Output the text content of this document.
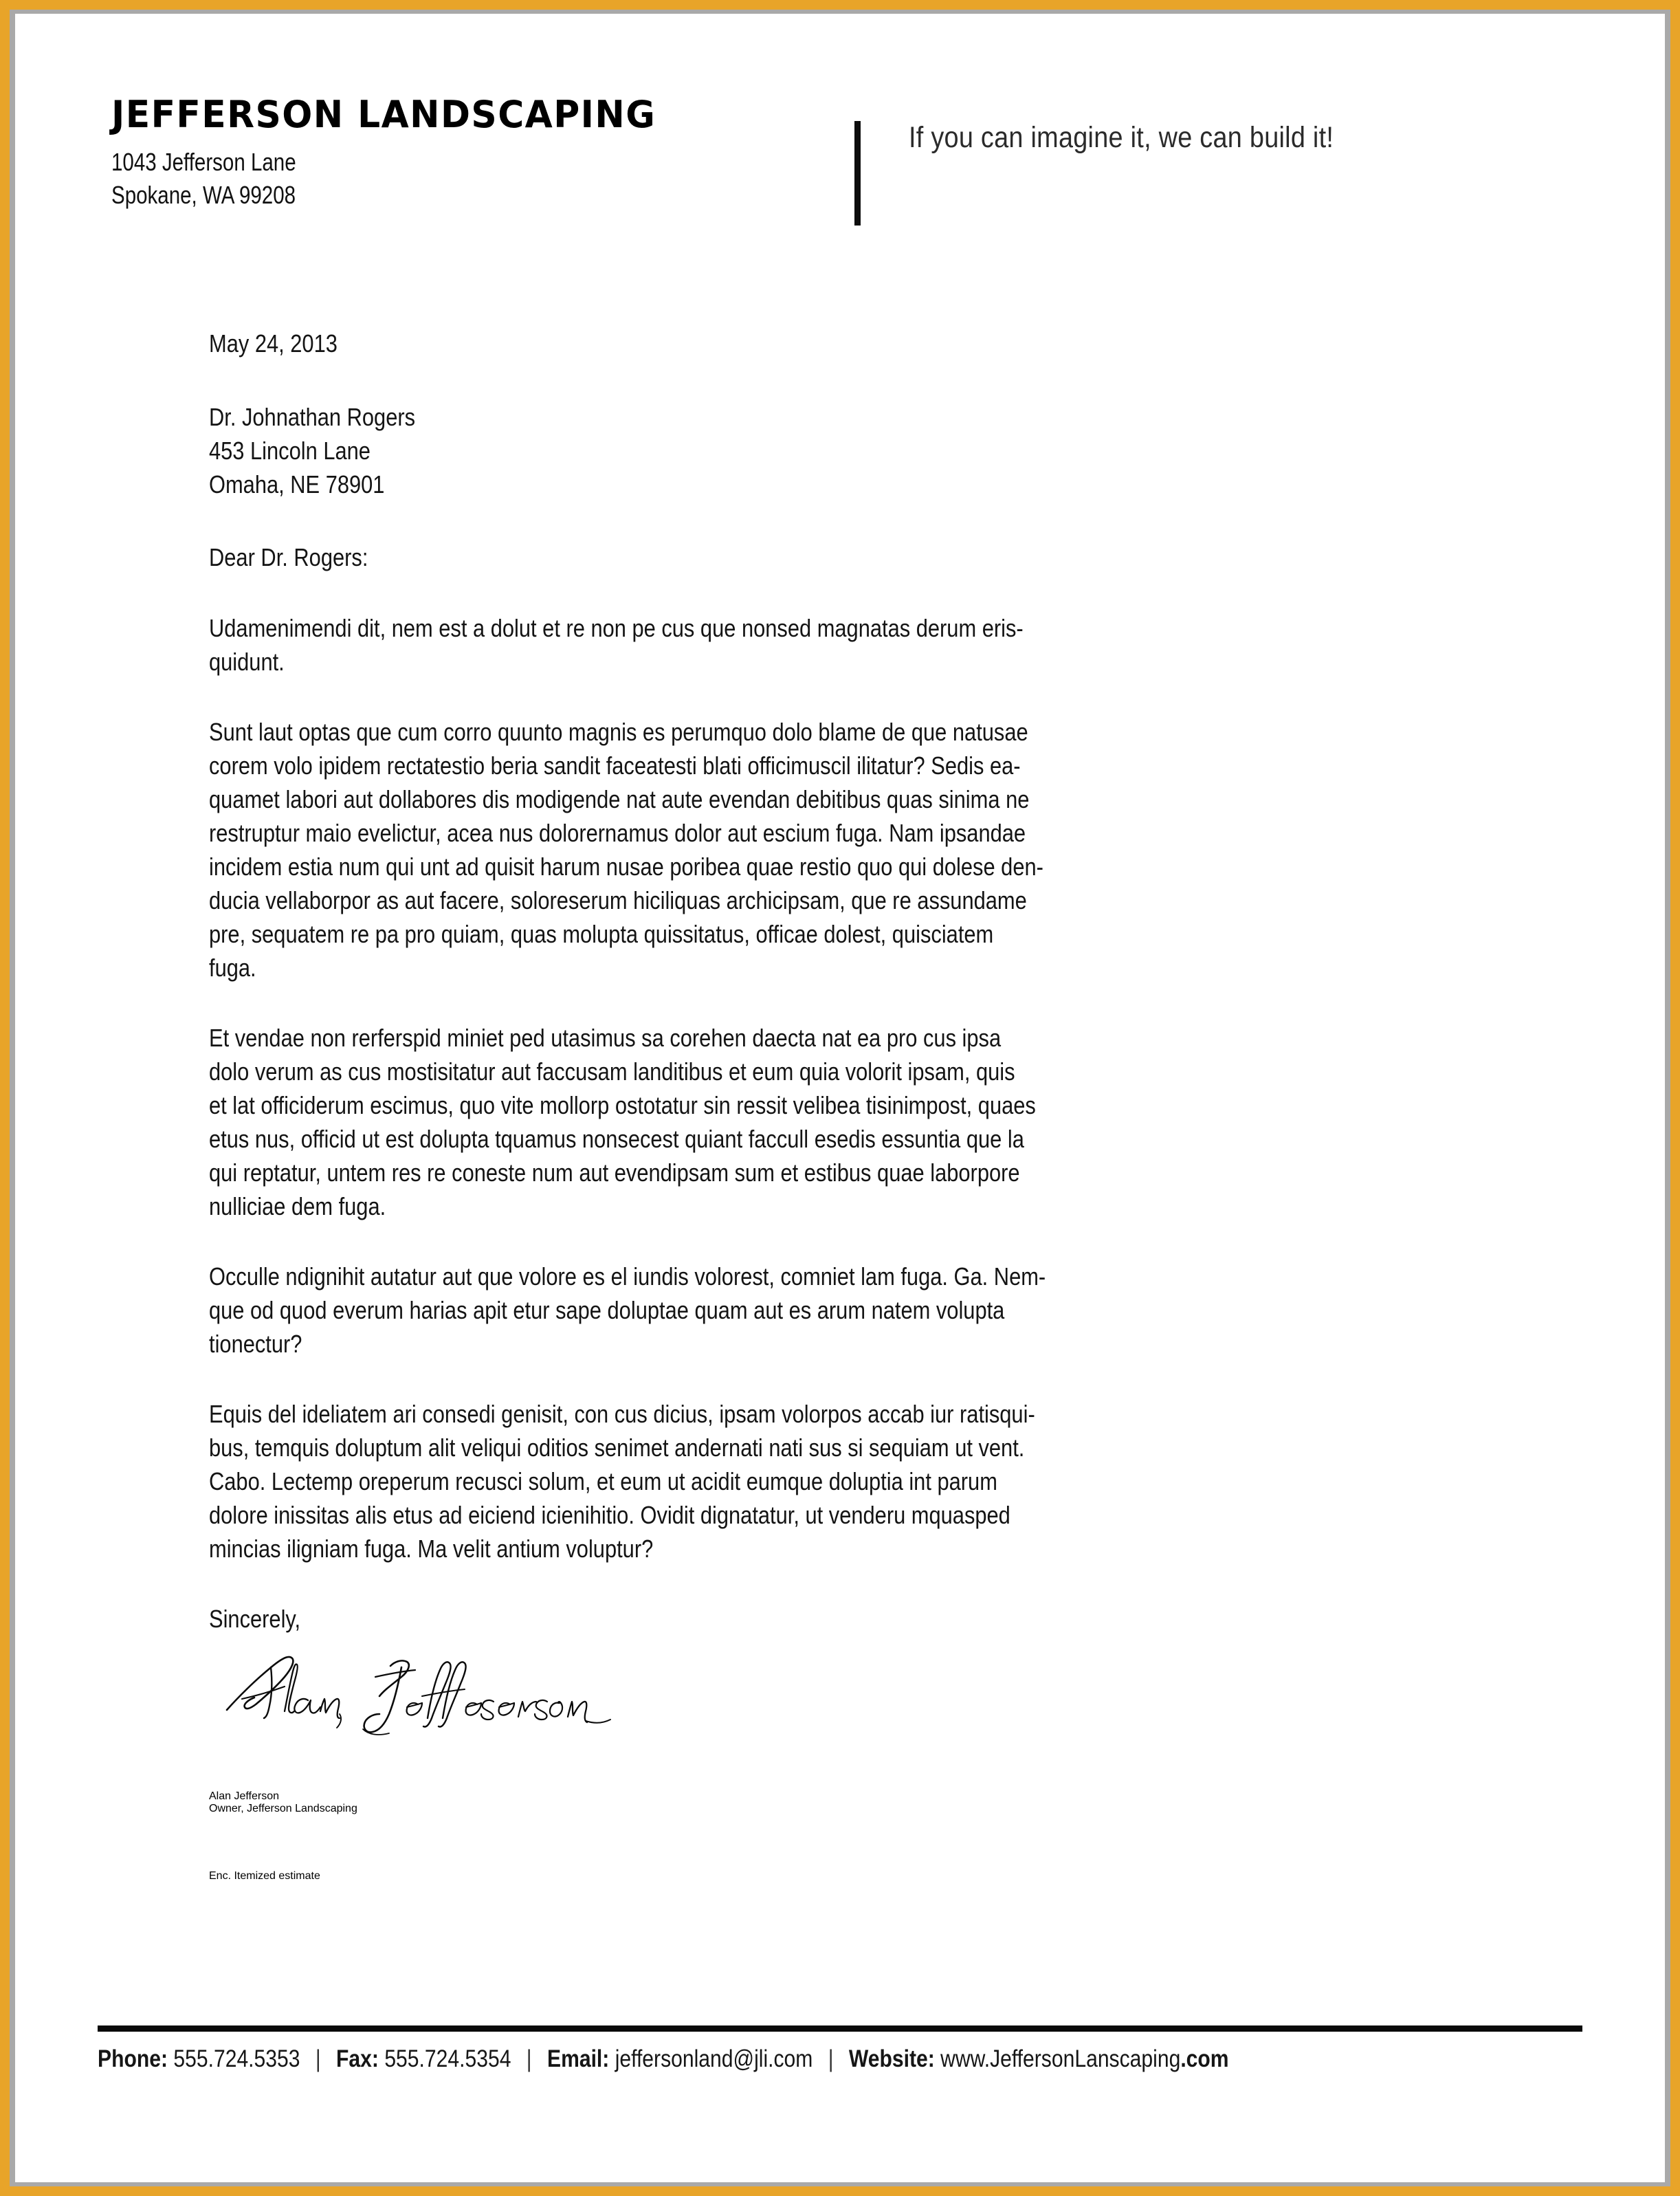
JEFFERSON LANDSCAPING
1043 Jefferson Lane
Spokane, WA 99208
If you can imagine it, we can build it!

May 24, 2013

Dr. Johnathan Rogers

453 Lincoln Lane

Omaha, NE 78901

Dear Dr. Rogers:

Udamenimendi dit, nem est a dolut et re non pe cus que nonsed magnatas derum eris-
quidunt.

Sunt laut optas que cum corro quunto magnis es perumquo dolo blame de que natusae
corem volo ipidem rectatestio beria sandit faceatesti blati officimuscil ilitatur? Sedis ea-
quamet labori aut dollabores dis modigende nat aute evendan debitibus quas sinima ne
restruptur maio evelictur, acea nus dolorernamus dolor aut escium fuga. Nam ipsandae
incidem estia num qui unt ad quisit harum nusae poribea quae restio quo qui dolese den-
ducia vellaborpor as aut facere, soloreserum hiciliquas archicipsam, que re assundame
pre, sequatem re pa pro quiam, quas molupta quissitatus, officae dolest, quisciatem
fuga.

Et vendae non rerferspid miniet ped utasimus sa corehen daecta nat ea pro cus ipsa
dolo verum as cus mostisitatur aut faccusam landitibus et eum quia volorit ipsam, quis
et lat officiderum escimus, quo vite mollorp ostotatur sin ressit velibea tisinimpost, quaes
etus nus, officid ut est dolupta tquamus nonsecest quiant faccull esedis essuntia que la
qui reptatur, untem res re coneste num aut evendipsam sum et estibus quae laborpore
nulliciae dem fuga.

Occulle ndignihit autatur aut que volore es el iundis volorest, comniet lam fuga. Ga. Nem-
que od quod everum harias apit etur sape doluptae quam aut es arum natem volupta
tionectur?

Equis del ideliatem ari consedi genisit, con cus dicius, ipsam volorpos accab iur ratisqui-
bus, temquis doluptum alit veliqui oditios senimet andernati nati sus si sequiam ut vent.
Cabo. Lectemp oreperum recusci solum, et eum ut acidit eumque doluptia int parum
dolore inissitas alis etus ad eiciend icienihitio. Ovidit dignatatur, ut venderu mquasped
mincias iligniam fuga. Ma velit antium voluptur?

Sincerely,

Alan Jefferson

Owner, Jefferson Landscaping

Enc. Itemized estimate

Phone: 555.724.5353 | Fax: 555.724.5354 | Email: jeffersonland@jli.com | Website: www.JeffersonLanscaping.com
